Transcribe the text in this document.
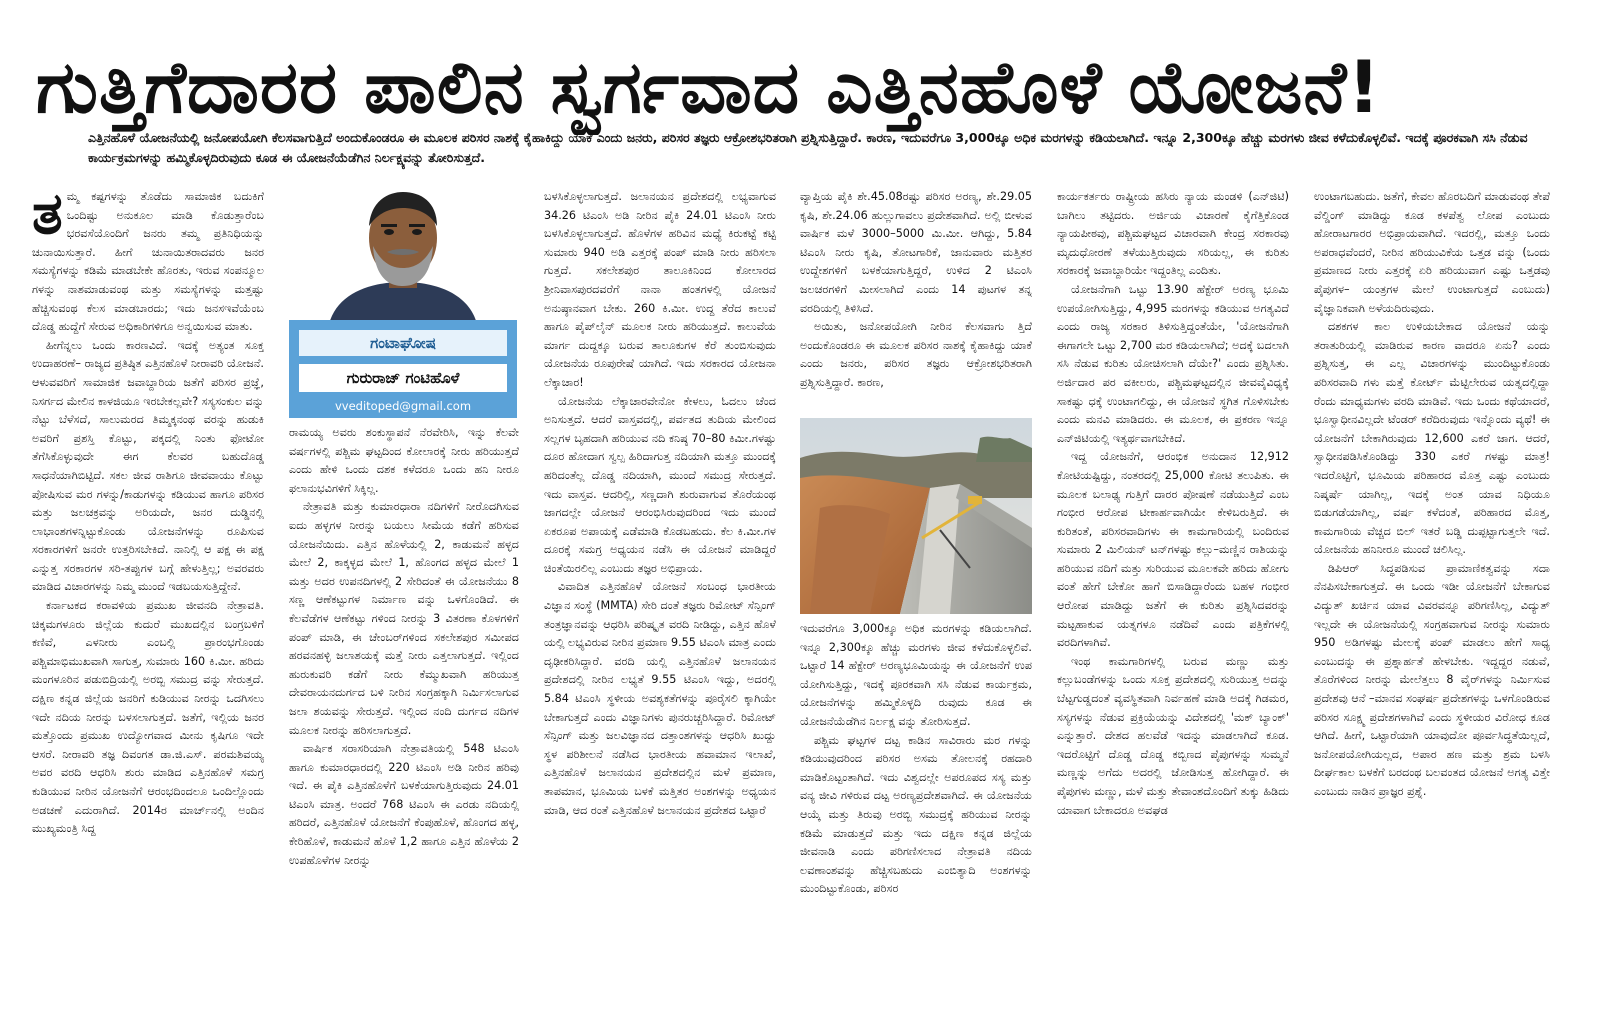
ಗುತ್ತಿಗೆದಾರರ ಪಾಲಿನ ಸ್ವರ್ಗವಾದ ಎತ್ತಿನಹೊಳೆ ಯೋಜನೆ!
ಎತ್ತಿನಹೊಳೆ ಯೋಜನೆಯಲ್ಲಿ ಜನೋಪಯೋಗಿ ಕೆಲಸವಾಗುತ್ತಿದೆ ಅಂದುಕೊಂಡರೂ ಈ ಮೂಲಕ ಪರಿಸರ ನಾಶಕ್ಕೆ ಕೈಹಾಕಿದ್ದು ಯಾಕೆ ಎಂದು ಜನರು, ಪರಿಸರ ತಜ್ಞರು ಆಕ್ರೋಶಭರಿತರಾಗಿ ಪ್ರಶ್ನಿಸುತ್ತಿದ್ದಾರೆ. ಕಾರಣ, ಇದುವರೆಗೂ 3,000ಕ್ಕೂ ಅಧಿಕ ಮರಗಳನ್ನು ಕಡಿಯಲಾಗಿದೆ. ಇನ್ನೂ 2,300ಕ್ಕೂ ಹೆಚ್ಚು ಮರಗಳು ಜೀವ ಕಳೆದುಕೊಳ್ಳಲಿವೆ. ಇದಕ್ಕೆ ಪೂರಕವಾಗಿ ಸಸಿ ನೆಡುವ ಕಾರ್ಯಕ್ರಮಗಳನ್ನು ಹಮ್ಮಿಕೊಳ್ಳದಿರುವುದು ಕೂಡ ಈ ಯೋಜನೆಯೆಡೆಗಿನ ನಿರ್ಲಕ್ಷ್ಯವನ್ನು ತೋರಿಸುತ್ತದೆ.
ಗಂಟಾಘೋಷ
ಗುರುರಾಜ್ ಗಂಟಿಹೊಳೆ
vveditoped@gmail.com

ತಮ್ಮ ಕಷ್ಟಗಳನ್ನು ತೊಡೆದು ಸಾಮಾಜಿಕ ಬದುಕಿಗೆ ಒಂದಿಷ್ಟು ಅನುಕೂಲ ಮಾಡಿ ಕೊಡುತ್ತಾರೆಂಬ ಭರವಸೆಯೊಂದಿಗೆ ಜನರು ತಮ್ಮ ಪ್ರತಿನಿಧಿಯನ್ನು ಚುನಾಯಿಸುತ್ತಾರೆ. ಹೀಗೆ ಚುನಾಯಿತರಾದವರು ಜನರ ಸಮಸ್ಯೆಗಳನ್ನು ಕಡಿಮೆ ಮಾಡಬೇಕೇ ಹೊರತು, ಇರುವ ಸಂಪನ್ಮೂಲ ಗಳನ್ನು ನಾಶಮಾಡುವಂಥ ಮತ್ತು ಸಮಸ್ಯೆಗಳನ್ನು ಮತ್ತಷ್ಟು ಹೆಚ್ಚಿಸುವಂಥ ಕೆಲಸ ಮಾಡಬಾರದು; ಇದು ಜನಸಇವೆಯೆಂಬ ದೊಡ್ಡ ಹುದ್ದೆಗೆ ಸೇರುವ ಅಧಿಕಾರಿಗಳಿಗೂ ಅನ್ವಯಿಸುವ ಮಾತು.

ಹೀಗೆನ್ನಲು ಒಂದು ಕಾರಣವಿದೆ. ಇದಕ್ಕೆ ಅತ್ಯಂತ ಸೂಕ್ತ ಉದಾಹರಣೆ– ರಾಜ್ಯದ ಪ್ರತಿಷ್ಠಿತ ಎತ್ತಿನಹೊಳೆ ನೀರಾವರಿ ಯೋಜನೆ. ಆಳುವವರಿಗೆ ಸಾಮಾಜಿಕ ಜವಾಬ್ದಾರಿಯ ಜತೆಗೆ ಪರಿಸರ ಪ್ರಜ್ಞೆ, ನಿಸರ್ಗದ ಮೇಲಿನ ಕಾಳಜಿಯೂ ಇರಬೇಕಲ್ಲವೇ? ಸಸ್ಯಸಂಕುಲ ವನ್ನು ನೆಟ್ಟು ಬೆಳೆಸದೆ, ಸಾಲುಮರದ ತಿಮ್ಮಕ್ಕನಂಥ ವರನ್ನು ಹುಡುಕಿ ಅವರಿಗೆ ಪ್ರಶಸ್ತಿ ಕೊಟ್ಟು, ಪಕ್ಕದಲ್ಲಿ ನಿಂತು ಫೋಟೋ ತೆಗೆಸಿಕೊಳ್ಳುವುದೇ ಈಗ ಕೆಲವರ ಬಹುದೊಡ್ಡ ಸಾಧನೆಯಾಗಿಬಿಟ್ಟಿದೆ. ಸಕಲ ಜೀವ ರಾಶಿಗೂ ಜೀವವಾಯು ಕೊಟ್ಟು ಪೋಷಿಸುವ ಮರ ಗಳನ್ನು/ಕಾಡುಗಳನ್ನು ಕಡಿಯುವ ಹಾಗೂ ಪರಿಸರ ಮತ್ತು ಜಲಚಕ್ರವನ್ನು ಅರಿಯದೇ, ಜನರ ದುಡ್ಡಿನಲ್ಲಿ ಲಾಭಾಂಶಗಳನ್ನಿಟ್ಟುಕೊಂಡು ಯೋಜನೆಗಳನ್ನು ರೂಪಿಸುವ ಸರಕಾರಗಳಿಗೆ ಜನರೇ ಉತ್ತರಿಸಬೇಕಿದೆ. ನಾನಿಲ್ಲಿ ಆ ಪಕ್ಷ ಈ ಪಕ್ಷ ಎನ್ನುತ್ತ ಸರಕಾರಗಳ ಸರಿ-ತಪ್ಪುಗಳ ಬಗ್ಗೆ ಹೇಳುತ್ತಿಲ್ಲ; ಅವರವರು ಮಾಡಿದ ವಿಚಾರಗಳನ್ನು ನಿಮ್ಮ ಮುಂದೆ ಇಡಬಯಸುತ್ತಿದ್ದೇನೆ.

ಕರ್ನಾಟಕದ ಕರಾವಳಿಯ ಪ್ರಮುಖ ಜೀವನದಿ ನೇತ್ರಾವತಿ. ಚಿಕ್ಕಮಗಳೂರು ಜಿಲ್ಲೆಯ ಕುದುರೆ ಮುಖದಲ್ಲಿನ ಬಂಗ್ರಬಳಿಗೆ ಕಣಿವೆ, ಎಳನೀರು ಎಂಬಲ್ಲಿ ಪ್ರಾರಂಭಗೊಂಡು ಪಶ್ಚಿಮಾಭಿಮುಖವಾಗಿ ಸಾಗುತ್ತ, ಸುಮಾರು 160 ಕಿ.ಮೀ. ಹರಿದು ಮಂಗಳೂರಿನ ಪಡುಬಿದ್ರಿಯಲ್ಲಿ ಅರಬ್ಬಿ ಸಮುದ್ರ ವನ್ನು ಸೇರುತ್ತದೆ. ದಕ್ಷಿಣ ಕನ್ನಡ ಜಿಲ್ಲೆಯ ಜನರಿಗೆ ಕುಡಿಯುವ ನೀರನ್ನು ಒದಗಿಸಲು ಇದೇ ನದಿಯ ನೀರನ್ನು ಬಳಸಲಾಗುತ್ತದೆ. ಜತೆಗೆ, ಇಲ್ಲಿಯ ಜನರ ಮತ್ತೊಂದು ಪ್ರಮುಖ ಉದ್ಯೋಗವಾದ ಮೀನು ಕೃಷಿಗೂ ಇದೇ ಆಸರೆ. ನೀರಾವರಿ ತಜ್ಞ ದಿವಂಗತ ಡಾ.ಜಿ.ಎಸ್. ಪರಮಶಿವಯ್ಯ ಅವರ ವರದಿ ಆಧರಿಸಿ ಶುರು ಮಾಡಿದ ಎತ್ತಿನಹೊಳೆ ಸಮಗ್ರ ಕುಡಿಯುವ ನೀರಿನ ಯೋಜನೆಗೆ ಆರಂಭದಿಂದಲೂ ಒಂದಿಲ್ಲೊಂದು ಅಡಚಣೆ ಎದುರಾಗಿದೆ. 2014ರ ಮಾರ್ಚ್‌ನಲ್ಲಿ ಅಂದಿನ ಮುಖ್ಯಮಂತ್ರಿ ಸಿದ್ದ

ರಾಮಯ್ಯ ಅವರು ಶಂಕುಸ್ಥಾಪನೆ ನೆರವೇರಿಸಿ, ಇನ್ನು ಕೆಲವೇ ವರ್ಷಗಳಲ್ಲಿ ಪಶ್ಚಿಮ ಘಟ್ಟದಿಂದ ಕೋಲಾರಕ್ಕೆ ನೀರು ಹರಿಯುತ್ತದೆ ಎಂದು ಹೇಳಿ ಒಂದು ದಶಕ ಕಳೆದರೂ ಒಂದು ಹನಿ ನೀರೂ ಫಲಾನುಭವಿಗಳಿಗೆ ಸಿಕ್ಕಿಲ್ಲ.

ನೇತ್ರಾವತಿ ಮತ್ತು ಕುಮಾರಧಾರಾ ನದಿಗಳಿಗೆ ನೀರೊದಗಿಸುವ ಐದು ಹಳ್ಳಗಳ ನೀರನ್ನು ಬಯಲು ಸೀಮೆಯ ಕಡೆಗೆ ಹರಿಸುವ ಯೋಜನೆಯಿದು. ಎತ್ತಿನ ಹೊಳೆಯಲ್ಲಿ 2, ಕಾಡುಮನೆ ಹಳ್ಳದ ಮೇಲೆ 2, ಕಾಕ್ಕಳ್ಳದ ಮೇಲೆ 1, ಹೊಂಗದ ಹಳ್ಳದ ಮೇಲೆ 1 ಮತ್ತು ಅದರ ಉಪನದಿಗಳಲ್ಲಿ 2 ಸೇರಿದಂತೆ ಈ ಯೋಜನೆಯು 8 ಸಣ್ಣ ಆಣೆಕಟ್ಟುಗಳ ನಿರ್ಮಾಣ ವನ್ನು ಒಳಗೊಂಡಿದೆ. ಈ ಕೆಲವೆಡೆಗಳ ಆಣೆಕಟ್ಟು ಗಳಿಂದ ನೀರನ್ನು 3 ವಿತರಣಾ ಕೊಳಗಳಿಗೆ ಪಂಪ್ ಮಾಡಿ, ಈ ಚೇಂಬರ್‌ಗಳಿಂದ ಸಕಲೇಶಪುರ ಸಮೀಪದ ಹರವನಹಳ್ಳಿ ಜಲಾಶಯಕ್ಕೆ ಮತ್ತೆ ನೀರು ಎತ್ತಲಾಗುತ್ತದೆ. ಇಲ್ಲಿಂದ ಹುರುಕುವರಿ ಕಡೆಗೆ ನೀರು ಕೆಮ್ಮುಖವಾಗಿ ಹರಿಯುತ್ತ ದೇವರಾಯನದುರ್ಗದ ಬಳಿ ನೀರಿನ ಸಂಗ್ರಹಕ್ಕಾಗಿ ನಿರ್ಮಿಸಲಾಗುವ ಜಲಾ ಶಯವನ್ನು ಸೇರುತ್ತದೆ. ಇಲ್ಲಿಂದ ನಂದಿ ದುರ್ಗದ ನದಿಗಳ ಮೂಲಕ ನೀರನ್ನು ಹರಿಸಲಾಗುತ್ತದೆ.

ವಾರ್ಷಿಕ ಸರಾಸರಿಯಾಗಿ ನೇತ್ರಾವತಿಯಲ್ಲಿ 548 ಟಿಎಂಸಿ ಹಾಗೂ ಕುಮಾರಧಾರದಲ್ಲಿ 220 ಟಿಎಂಸಿ ಅಡಿ ನೀರಿನ ಹರಿವು ಇದೆ. ಈ ಪೈಕಿ ಎತ್ತಿನಹೊಳೆಗೆ ಬಳಕೆಯಾಗುತ್ತಿರುವುದು 24.01 ಟಿಎಂಸಿ ಮಾತ್ರ. ಅಂದರೆ 768 ಟಿಎಂಸಿ ಈ ಎರಡು ನದಿಯಲ್ಲಿ ಹರಿದರೆ, ಎತ್ತಿನಹೊಳೆ ಯೋಜನೆಗೆ ಕೆಂಪುಹೊಳೆ, ಹೊಂಗದ ಹಳ್ಳ, ಕೇರಿಹೊಳೆ, ಕಾಡುಮನೆ ಹೊಳೆ 1,2 ಹಾಗೂ ಎತ್ತಿನ ಹೊಳೆಯ 2 ಉಪಹೊಳೆಗಳ ನೀರನ್ನು

ಬಳಸಿಕೊಳ್ಳಲಾಗುತ್ತದೆ. ಜಲಾನಯನ ಪ್ರದೇಶದಲ್ಲಿ ಲಭ್ಯವಾಗುವ 34.26 ಟಿಎಂಸಿ ಅಡಿ ನೀರಿನ ಪೈಕಿ 24.01 ಟಿಎಂಸಿ ನೀರು ಬಳಸಿಕೊಳ್ಳಲಾಗುತ್ತದೆ. ಹೊಳೆಗಳ ಹರಿವಿನ ಮಧ್ಯೆ ಕಿರುಕಟ್ಟೆ ಕಟ್ಟಿ ಸುಮಾರು 940 ಅಡಿ ಎತ್ತರಕ್ಕೆ ಪಂಪ್ ಮಾಡಿ ನೀರು ಹರಿಸಲಾ ಗುತ್ತದೆ. ಸಕಲೇಶಪುರ ತಾಲೂಕಿನಿಂದ ಕೋಲಾರದ ಶ್ರೀನಿವಾಸಪುರದವರೆಗೆ ನಾನಾ ಹಂತಗಳಲ್ಲಿ ಯೋಜನೆ ಅನುಷ್ಠಾನವಾಗ ಬೇಕು. 260 ಕಿ.ಮೀ. ಉದ್ದ ತೆರೆದ ಕಾಲುವೆ ಹಾಗೂ ಪೈಪ್‌ಲೈನ್ ಮೂಲಕ ನೀರು ಹರಿಯುತ್ತದೆ. ಕಾಲುವೆಯ ಮಾರ್ಗ ದುದ್ದಕ್ಕೂ ಬರುವ ತಾಲೂಕುಗಳ ಕೆರೆ ತುಂಬಿಸುವುದು ಯೋಜನೆಯ ರೂಪುರೇಷೆ ಯಾಗಿದೆ. ಇದು ಸರಕಾರದ ಯೋಜನಾ ಲೆಕ್ಕಾಚಾರ!

ಯೋಜನೆಯ ಲೆಕ್ಕಾಚಾರವೇನೋ ಕೇಳಲು, ಓದಲು ಚೆಂದ ಅನಿಸುತ್ತದೆ. ಆದರೆ ವಾಸ್ತವದಲ್ಲಿ, ಪರ್ವತದ ತುದಿಯ ಮೇಲಿಂದ ಸಲ್ಲಗಳ ಬೃಹದಾಗಿ ಹರಿಯುವ ನದಿ ಕನಿಷ್ಠ 70–80 ಕಿಮೀ.ಗಳಷ್ಟು ದೂರ ಹೋದಾಗ ಸ್ವಲ್ಪ ಹಿರಿದಾಗುತ್ತ ನದಿಯಾಗಿ ಮತ್ತೂ ಮುಂದಕ್ಕೆ ಹರಿದಂತೆಲ್ಲ ದೊಡ್ಡ ನದಿಯಾಗಿ, ಮುಂದೆ ಸಮುದ್ರ ಸೇರುತ್ತದೆ. ಇದು ವಾಸ್ತವ. ಆದರಿಲ್ಲಿ, ಸಣ್ಣದಾಗಿ ಶುರುವಾಗುವ ತೊರೆಯಂಥ ಜಾಗದಲ್ಲೇ ಯೋಜನೆ ಆರಂಭಿಸಿರುವುದರಿಂದ ಇದು ಮುಂದೆ ಏಕರೂಪ ಅಪಾಯಕ್ಕೆ ಎಡೆಮಾಡಿ ಕೊಡಬಹುದು. ಕೆಲ ಕಿ.ಮೀ.ಗಳ ದೂರಕ್ಕೆ ಸಮಗ್ರ ಅಧ್ಯಯನ ನಡೆಸಿ ಈ ಯೋಜನೆ ಮಾಡಿದ್ದರೆ ಚಿಂತೆಯಿರಲಿಲ್ಲ ಎಂಬುದು ತಜ್ಞರ ಅಭಿಪ್ರಾಯ.

ವಿವಾದಿತ ಎತ್ತಿನಹೊಳೆ ಯೋಜನೆ ಸಂಬಂಧ ಭಾರತೀಯ ವಿಜ್ಞಾನ ಸಂಸ್ಥೆ (MMTA) ಸೇರಿ ದಂತೆ ತಜ್ಞರು ರಿಮೋಟ್ ಸೆನ್ಸಿಂಗ್ ತಂತ್ರಜ್ಞಾನವನ್ನು ಆಧರಿಸಿ ಪರಿಷ್ಕೃತ ವರದಿ ನೀಡಿದ್ದು, ಎತ್ತಿನ ಹೊಳೆ ಯಲ್ಲಿ ಲಭ್ಯವಿರುವ ನೀರಿನ ಪ್ರಮಾಣ 9.55 ಟಿಎಂಸಿ ಮಾತ್ರ ಎಂದು ದೃಢೀಕರಿಸಿದ್ದಾರೆ. ವರದಿ ಯಲ್ಲಿ ಎತ್ತಿನಹೊಳೆ ಜಲಾನಯನ ಪ್ರದೇಶದಲ್ಲಿ ನೀರಿನ ಲಭ್ಯತೆ 9.55 ಟಿಎಂಸಿ ಇದ್ದು, ಅದರಲ್ಲಿ 5.84 ಟಿಎಂಸಿ ಸ್ಥಳೀಯ ಅವಶ್ಯಕತೆಗಳನ್ನು ಪೂರೈಸಲಿ ಕ್ಕಾಗಿಯೇ ಬೇಕಾಗುತ್ತದೆ ಎಂದು ವಿಜ್ಞಾನಿಗಳು ಪುನರುಚ್ಚರಿಸಿದ್ದಾರೆ. ರಿಮೋಟ್ ಸೆನ್ಸಿಂಗ್ ಮತ್ತು ಜಲವಿಜ್ಞಾನದ ದತ್ತಾಂಶಗಳನ್ನು ಆಧರಿಸಿ ಖುದ್ದು ಸ್ಥಳ ಪರಿಶೀಲನೆ ನಡೆಸಿದ ಭಾರತೀಯ ಹವಾಮಾನ ಇಲಾಖೆ, ಎತ್ತಿನಹೊಳೆ ಜಲಾನಯನ ಪ್ರದೇಶದಲ್ಲಿನ ಮಳೆ ಪ್ರಮಾಣ, ತಾಪಮಾನ, ಭೂಮಿಯ ಬಳಕೆ ಮತ್ತಿತರ ಅಂಶಗಳನ್ನು ಅಧ್ಯಯನ ಮಾಡಿ, ಆದ ರಂತೆ ಎತ್ತಿನಹೊಳೆ ಜಲಾನಯನ ಪ್ರದೇಶದ ಒಟ್ಟಾರೆ

ವ್ಯಾಪ್ತಿಯ ಪೈಕಿ ಶೇ.45.08ರಷ್ಟು ಪರಿಸರ ಅರಣ್ಯ, ಶೇ.29.05 ಕೃಷಿ, ಶೇ.24.06 ಹುಲ್ಲುಗಾವಲು ಪ್ರದೇಶವಾಗಿದೆ. ಅಲ್ಲಿ ಬೀಳುವ ವಾರ್ಷಿಕ ಮಳೆ 3000–5000 ಮಿ.ಮೀ. ಆಗಿದ್ದು, 5.84 ಟಿಎಂಸಿ ನೀರು ಕೃಷಿ, ತೋಟಗಾರಿಕೆ, ಜಾನುವಾರು ಮತ್ತಿತರ ಉದ್ದೇಶಗಳಿಗೆ ಬಳಕೆಯಾಗುತ್ತಿದ್ದರೆ, ಉಳಿದ 2 ಟಿಎಂಸಿ ಜಲಚರಗಳಿಗೆ ಮೀಸಲಾಗಿದೆ ಎಂದು 14 ಪುಟಗಳ ತನ್ನ ವರದಿಯಲ್ಲಿ ತಿಳಿಸಿದೆ.

ಅಯಿತು, ಜನೋಪಯೋಗಿ ನೀರಿನ ಕೆಲಸವಾಗು ತ್ತಿದೆ ಅಂದುಕೊಂಡರೂ ಈ ಮೂಲಕ ಪರಿಸರ ನಾಶಕ್ಕೆ ಕೈಹಾಕಿದ್ದು ಯಾಕೆ ಎಂದು ಜನರು, ಪರಿಸರ ತಜ್ಞರು ಆಕ್ರೋಶಭರಿತರಾಗಿ ಪ್ರಶ್ನಿಸುತ್ತಿದ್ದಾರೆ. ಕಾರಣ,

ಇದುವರೆಗೂ 3,000ಕ್ಕೂ ಅಧಿಕ ಮರಗಳನ್ನು ಕಡಿಯಲಾಗಿದೆ. ಇನ್ನೂ 2,300ಕ್ಕೂ ಹೆಚ್ಚು ಮರಗಳು ಜೀವ ಕಳೆದುಕೊಳ್ಳಲಿವೆ. ಒಟ್ಟಾರೆ 14 ಹೆಕ್ಟೇರ್ ಅರಣ್ಯಭೂಮಿಯನ್ನು ಈ ಯೋಜನೆಗೆ ಉಪ ಯೋಗಿಸುತ್ತಿದ್ದು, ಇದಕ್ಕೆ ಪೂರಕವಾಗಿ ಸಸಿ ನೆಡುವ ಕಾರ್ಯಕ್ರಮ, ಯೋಜನೆಗಳನ್ನು ಹಮ್ಮಿಕೊಳ್ಳದಿ ರುವುದು ಕೂಡ ಈ ಯೋಜನೆಯೆಡೆಗಿನ ನಿರ್ಲಕ್ಷ ವನ್ನು ತೋರಿಸುತ್ತದೆ.

ಪಶ್ಚಿಮ ಘಟ್ಟಗಳ ದಟ್ಟ ಕಾಡಿನ ಸಾವಿರಾರು ಮರ ಗಳನ್ನು ಕಡಿಯುವುದರಿಂದ ಪರಿಸರ ಅಸಮ ತೋಲನಕ್ಕೆ ರಹದಾರಿ ಮಾಡಿಕೊಟ್ಟಂತಾಗಿದೆ. ಇದು ವಿಶ್ವದಲ್ಲೇ ಅಪರೂಪದ ಸಸ್ಯ ಮತ್ತು ವನ್ಯ ಜೀವಿ ಗಳಿರುವ ದಟ್ಟ ಅರಣ್ಯಪ್ರದೇಶವಾಗಿದೆ. ಈ ಯೋಜನೆಯ ಆಯ್ಕೆ ಮತ್ತು ತಿರುವು ಅರಬ್ಬಿ ಸಮುದ್ರಕ್ಕೆ ಹರಿಯುವ ನೀರನ್ನು ಕಡಿಮೆ ಮಾಡುತ್ತದೆ ಮತ್ತು ಇದು ದಕ್ಷಿಣ ಕನ್ನಡ ಜಿಲ್ಲೆಯ ಜೀವನಾಡಿ ಎಂದು ಪರಿಗಣಿಸಲಾದ ನೇತ್ರಾವತಿ ನದಿಯ ಲವಣಾಂಶವನ್ನು ಹೆಚ್ಚಿಸಬಹುದು ಎಂಬಿತ್ಯಾದಿ ಅಂಶಗಳನ್ನು ಮುಂದಿಟ್ಟುಕೊಂಡು, ಪರಿಸರ

ಕಾರ್ಯಕರ್ತರು ರಾಷ್ಟ್ರೀಯ ಹಸಿರು ನ್ಯಾಯ ಮಂಡಳಿ (ಎನ್‌ಜಿಟಿ) ಬಾಗಿಲು ತಟ್ಟಿದರು. ಅರ್ಜಿಯ ವಿಚಾರಣೆ ಕೈಗೆತ್ತಿಕೊಂಡ ನ್ಯಾಯಪೀಠವು, ಪಶ್ಚಿಮಘಟ್ಟದ ವಿಚಾರವಾಗಿ ಕೇಂದ್ರ ಸರಕಾರವು ಮೃದುಧೋರಣೆ ತಳೆಯುತ್ತಿರುವುದು ಸರಿಯಲ್ಲ, ಈ ಕುರಿತು ಸರಕಾರಕ್ಕೆ ಜವಾಬ್ದಾರಿಯೇ ಇದ್ದಂತಿಲ್ಲ ಎಂದಿತು.

ಯೋಜನೆಗಾಗಿ ಒಟ್ಟು 13.90 ಹೆಕ್ಟೇರ್ ಅರಣ್ಯ ಭೂಮಿ ಉಪಯೋಗಿಸುತ್ತಿದ್ದು, 4,995 ಮರಗಳನ್ನು ಕಡಿಯುವ ಅಗತ್ಯವಿದೆ ಎಂದು ರಾಜ್ಯ ಸರಕಾರ ತಿಳಿಸುತ್ತಿದ್ದಂತೆಯೇ, 'ಯೋಜನೆಗಾಗಿ ಈಗಾಗಲೇ ಒಟ್ಟು 2,700 ಮರ ಕಡಿಯಲಾಗಿದೆ; ಅದಕ್ಕೆ ಬದಲಾಗಿ ಸಸಿ ನೆಡುವ ಕುರಿತು ಯೋಚಿಸಲಾಗಿ ದೆಯೇ?' ಎಂದು ಪ್ರಶ್ನಿಸಿತು. ಅರ್ಜಿದಾರ ಪರ ವಕೀಲರು, ಪಶ್ಚಿಮಘಟ್ಟದಲ್ಲಿನ ಜೀವವೈವಿಧ್ಯಕ್ಕೆ ಸಾಕಷ್ಟು ಧಕ್ಕೆ ಉಂಟಾಗಲಿದ್ದು, ಈ ಯೋಜನೆ ಸ್ಥಗಿತ ಗೊಳಿಸಬೇಕು ಎಂದು ಮನವಿ ಮಾಡಿದರು. ಈ ಮೂಲಕ, ಈ ಪ್ರಕರಣ ಇನ್ನೂ ಎನ್‌ಜಿಟಿಯಲ್ಲಿ ಇತ್ಯರ್ಥವಾಗಬೇಕಿದೆ.

ಇದ್ದ ಯೋಜನೆಗೆ, ಆರಂಭಿಕ ಅನುದಾನ 12,912 ಕೋಟಿಯಷ್ಟಿದ್ದು, ನಂತರದಲ್ಲಿ 25,000 ಕೋಟಿ ತಲುಪಿತು. ಈ ಮೂಲಕ ಬಲಾಢ್ಯ ಗುತ್ತಿಗೆ ದಾರರ ಪೋಷಣೆ ನಡೆಯುತ್ತಿದೆ ಎಂಬ ಗಂಭೀರ ಆರೋಪ ಟೀಕಾರ್ಹವಾಗಿಯೇ ಕೇಳಿಬರುತ್ತಿದೆ. ಈ ಕುರಿತಂತೆ, ಪರಿಸರವಾದಿಗಳು ಈ ಕಾಮಗಾರಿಯಲ್ಲಿ ಬಂದಿರುವ ಸುಮಾರು 2 ಮಿಲಿಯನ್ ಟನ್‌ಗಳಷ್ಟು ಕಲ್ಲು–ಮಣ್ಣಿನ ರಾಶಿಯನ್ನು ಹರಿಯುವ ನದಿಗೆ ಮತ್ತು ಸುರಿಯುವ ಮೂಲಕವೇ ಹರಿದು ಹೋಗು ವಂತೆ ಹೇಗೆ ಬೇಕೋ ಹಾಗೆ ಬಿಸಾಡಿದ್ದಾರೆಂದು ಬಹಳ ಗಂಭೀರ ಆರೋಪ ಮಾಡಿದ್ದು ಜತೆಗೆ ಈ ಕುರಿತು ಪ್ರಶ್ನಿಸಿದವರನ್ನು ಮಟ್ಟಹಾಕುವ ಯತ್ನಗಳೂ ನಡೆದಿವೆ ಎಂದು ಪತ್ರಿಕೆಗಳಲ್ಲಿ ವರದಿಗಳಾಗಿವೆ.

ಇಂಥ ಕಾಮಗಾರಿಗಳಲ್ಲಿ ಬರುವ ಮಣ್ಣು ಮತ್ತು ಕಲ್ಲುಬಂಡೆಗಳನ್ನು ಒಂದು ಸೂಕ್ತ ಪ್ರದೇಶದಲ್ಲಿ ಸುರಿಯುತ್ತ ಅದನ್ನು ಬೆಟ್ಟಗುಡ್ಡದಂತೆ ವ್ಯವಸ್ಥಿತವಾಗಿ ನಿರ್ವಹಣೆ ಮಾಡಿ ಅದಕ್ಕೆ ಗಿಡಮರ, ಸಸ್ಯಗಳನ್ನು ನೆಡುವ ಪ್ರಕ್ರಿಯೆಯನ್ನು ವಿದೇಶದಲ್ಲಿ 'ಮಕ್ ಬ್ಯಾಂಕ್' ಎನ್ನುತ್ತಾರೆ. ದೇಶದ ಹಲವೆಡೆ ಇದನ್ನು ಮಾಡಲಾಗಿದೆ ಕೂಡ. ಇದರೊಟ್ಟಿಗೆ ದೊಡ್ಡ ದೊಡ್ಡ ಕಬ್ಬಿಣದ ಪೈಪುಗಳನ್ನು ಸುಮ್ಮನೆ ಮಣ್ಣನ್ನು ಅಗೆದು ಅದರಲ್ಲಿ ಜೋಡಿಸುತ್ತ ಹೋಗಿದ್ದಾರೆ. ಈ ಪೈಪುಗಳು ಮಣ್ಣು, ಮಳೆ ಮತ್ತು ತೇವಾಂಶದೊಂದಿಗೆ ತುಕ್ಕು ಹಿಡಿದು ಯಾವಾಗ ಬೇಕಾದರೂ ಅವಘಡ

ಉಂಟಾಗಬಹುದು. ಜತೆಗೆ, ಕೇವಲ ಹೊರಬದಿಗೆ ಮಾಡುವಂಥ ತೇಪೆ ವೆಲ್ಡಿಂಗ್ ಮಾಡಿದ್ದು ಕೂಡ ಕಳಪೆತ್ವ ಲೋಪ ಎಂಬುದು ಹೋರಾಟಗಾರರ ಅಭಿಪ್ರಾಯವಾಗಿದೆ. ಇದರಲ್ಲಿ, ಮತ್ತೂ ಒಂದು ಅಪರಾಧವೆಂದರೆ, ನೀರಿನ ಹರಿಯುವಿಕೆಯ ಒತ್ತಡ ವನ್ನು (ಒಂದು ಪ್ರಮಾಣದ ನೀರು ಎತ್ತರಕ್ಕೆ ಏರಿ ಹರಿಯುವಾಗ ಎಷ್ಟು ಒತ್ತಡವು ಪೈಪುಗಳ– ಯಂತ್ರಗಳ ಮೇಲೆ ಉಂಟಾಗುತ್ತದೆ ಎಂಬುದು) ವೈಜ್ಞಾನಿಕವಾಗಿ ಅಳೆಯದಿರುವುದು.

ದಶಕಗಳ ಕಾಲ ಉಳಿಯಬೇಕಾದ ಯೋಜನೆ ಯನ್ನು ತರಾತುರಿಯಲ್ಲಿ ಮಾಡಿರುವ ಕಾರಣ ವಾದರೂ ಏನು? ಎಂದು ಪ್ರಶ್ನಿಸುತ್ತ, ಈ ಎಲ್ಲ ವಿಚಾರಗಳನ್ನು ಮುಂದಿಟ್ಟುಕೊಂಡು ಪರಿಸರವಾದಿ ಗಳು ಮತ್ತೆ ಕೋರ್ಟ್ ಮೆಟ್ಟಿಲೇರುವ ಯತ್ನದಲ್ಲಿದ್ದಾ ರೆಂದು ಮಾಧ್ಯಮಗಳು ವರದಿ ಮಾಡಿವೆ. ಇದು ಒಂದು ಕಥೆಯಾದರೆ, ಭೂಸ್ವಾಧೀನವಿಲ್ಲದೇ ಟೆಂಡರ್ ಕರೆದಿರುವುದು ಇನ್ನೊಂದು ವ್ಯಥೆ! ಈ ಯೋಜನೆಗೆ ಬೇಕಾಗಿರುವುದು 12,600 ಎಕರೆ ಜಾಗ. ಆದರೆ, ಸ್ವಾಧೀನಪಡಿಸಿಕೊಂಡಿದ್ದು 330 ಎಕರೆ ಗಳಷ್ಟು ಮಾತ್ರ! ಇದರೊಟ್ಟಿಗೆ, ಭೂಮಿಯ ಪರಿಹಾರದ ಮೊತ್ತ ಎಷ್ಟು ಎಂಬುದು ನಿಷ್ಕರ್ಷೆ ಯಾಗಿಲ್ಲ, ಇದಕ್ಕೆ ಅಂತ ಯಾವ ನಿಧಿಯೂ ಬಿಡುಗಡೆಯಾಗಿಲ್ಲ, ವರ್ಷ ಕಳೆದಂತೆ, ಪರಿಹಾರದ ಮೊತ್ತ, ಕಾಮಗಾರಿಯ ವೆಚ್ಚದ ಬಿಲ್ ಇತರೆ ಬಡ್ಡಿ ದುಪ್ಪಟ್ಟಾಗುತ್ತಲೇ ಇದೆ. ಯೋಜನೆಯ ಹನಿನೀರೂ ಮುಂದೆ ಚಲಿಸಿಲ್ಲ.

ಡಿಪಿಆರ್ ಸಿದ್ಧಪಡಿಸುವ ಪ್ರಾಮಾಣಿಕತ್ವವನ್ನು ಸದಾ ನೆನಪಿಸಬೇಕಾಗುತ್ತದೆ. ಈ ಒಂದು ಇಡೀ ಯೋಜನೆಗೆ ಬೇಕಾಗುವ ವಿದ್ಯುತ್ ಖರ್ಚಿನ ಯಾವ ವಿವರವನ್ನೂ ಪರಿಗಣಿಸಿಲ್ಲ, ವಿದ್ಯುತ್ ಇಲ್ಲದೇ ಈ ಯೋಜನೆಯಲ್ಲಿ ಸಂಗ್ರಹವಾಗುವ ನೀರನ್ನು ಸುಮಾರು 950 ಅಡಿಗಳಷ್ಟು ಮೇಲಕ್ಕೆ ಪಂಪ್ ಮಾಡಲು ಹೇಗೆ ಸಾಧ್ಯ ಎಂಬುದನ್ನು ಈ ಪ್ರಶ್ನಾರ್ಹತೆ ಹೇಳಬೇಕು. ಇದ್ದದ್ದರ ನಡುವೆ, ತೊರೆಗಳಿಂದ ನೀರನ್ನು ಮೇಲೆತ್ತಲು 8 ವೈರ್‌ಗಳನ್ನು ನಿರ್ಮಿಸುವ ಪ್ರದೇಶವು ಆನೆ –ಮಾನವ ಸಂಘರ್ಷ ಪ್ರದೇಶಗಳನ್ನು ಒಳಗೊಂಡಿರುವ ಪರಿಸರ ಸೂಕ್ಷ್ಮ ಪ್ರದೇಶಗಳಾಗಿವೆ ಎಂದು ಸ್ಥಳೀಯರ ವಿರೋಧ ಕೂಡ ಆಗಿದೆ. ಹೀಗೆ, ಒಟ್ಟಾರೆಯಾಗಿ ಯಾವುದೋ ಪೂರ್ವಸಿದ್ಧತೆಯಿಲ್ಲದೆ, ಜನೋಪಯೋಗಿಯಲ್ಲದ, ಅಪಾರ ಹಣ ಮತ್ತು ಶ್ರಮ ಬಳಸಿ ದೀರ್ಘಕಾಲ ಬಳಕೆಗೆ ಬರದಂಥ ಬಲವಂತದ ಯೋಜನೆ ಅಗತ್ಯ ವಿತ್ತೇ ಎಂಬುದು ನಾಡಿನ ಪ್ರಾಜ್ಞರ ಪ್ರಶ್ನೆ.
